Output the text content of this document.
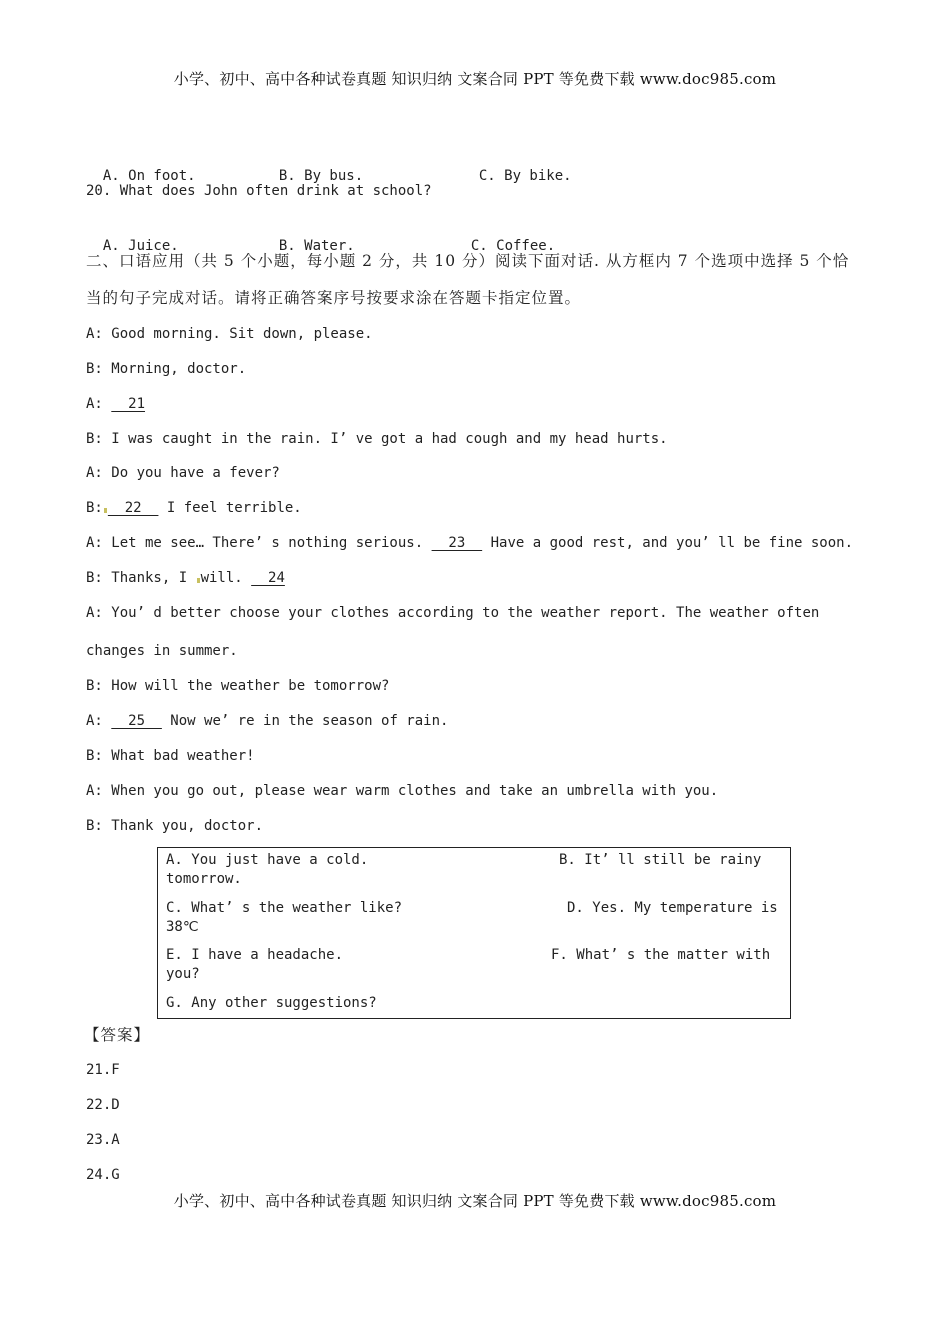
小学、初中、高中各种试卷真题 知识归纳 文案合同 PPT 等免费下载 www.doc985.com

A. On foot.	B. By bus.	C. By bike.

20. What does John often drink at school?

A. Juice.	B. Water.	C. Coffee.

二、口语应用（共 5 个小题，每小题 2 分，共 10 分）阅读下面对话. 从方框内 7 个选项中选择 5 个恰
当的句子完成对话。请将正确答案序号按要求涂在答题卡指定位置。
A: Good morning. Sit down, please.
B: Morning, doctor.
A:   21
B: I was caught in the rain. I’ ve got a had cough and my head hurts.
A: Do you have a fever?
B:  22   I feel terrible.
A: Let me see… There’ s nothing serious.   23   Have a good rest, and you’ ll be fine soon.
B: Thanks, I will.   24
A: You’ d better choose your clothes according to the weather report. The weather often
changes in summer.
B: How will the weather be tomorrow?
A:   25   Now we’ re in the season of rain.
B: What bad weather!
A: When you go out, please wear warm clothes and take an umbrella with you.
B: Thank you, doctor.
A. You just have a cold.	B. It’ ll still be rainy
tomorrow.
C. What’ s the weather like?	D. Yes. My temperature is
38℃
E. I have a headache.	F. What’ s the matter with
you?
G. Any other suggestions?
【答案】
21.F
22.D
23.A
24.G
小学、初中、高中各种试卷真题 知识归纳 文案合同 PPT 等免费下载 www.doc985.com
